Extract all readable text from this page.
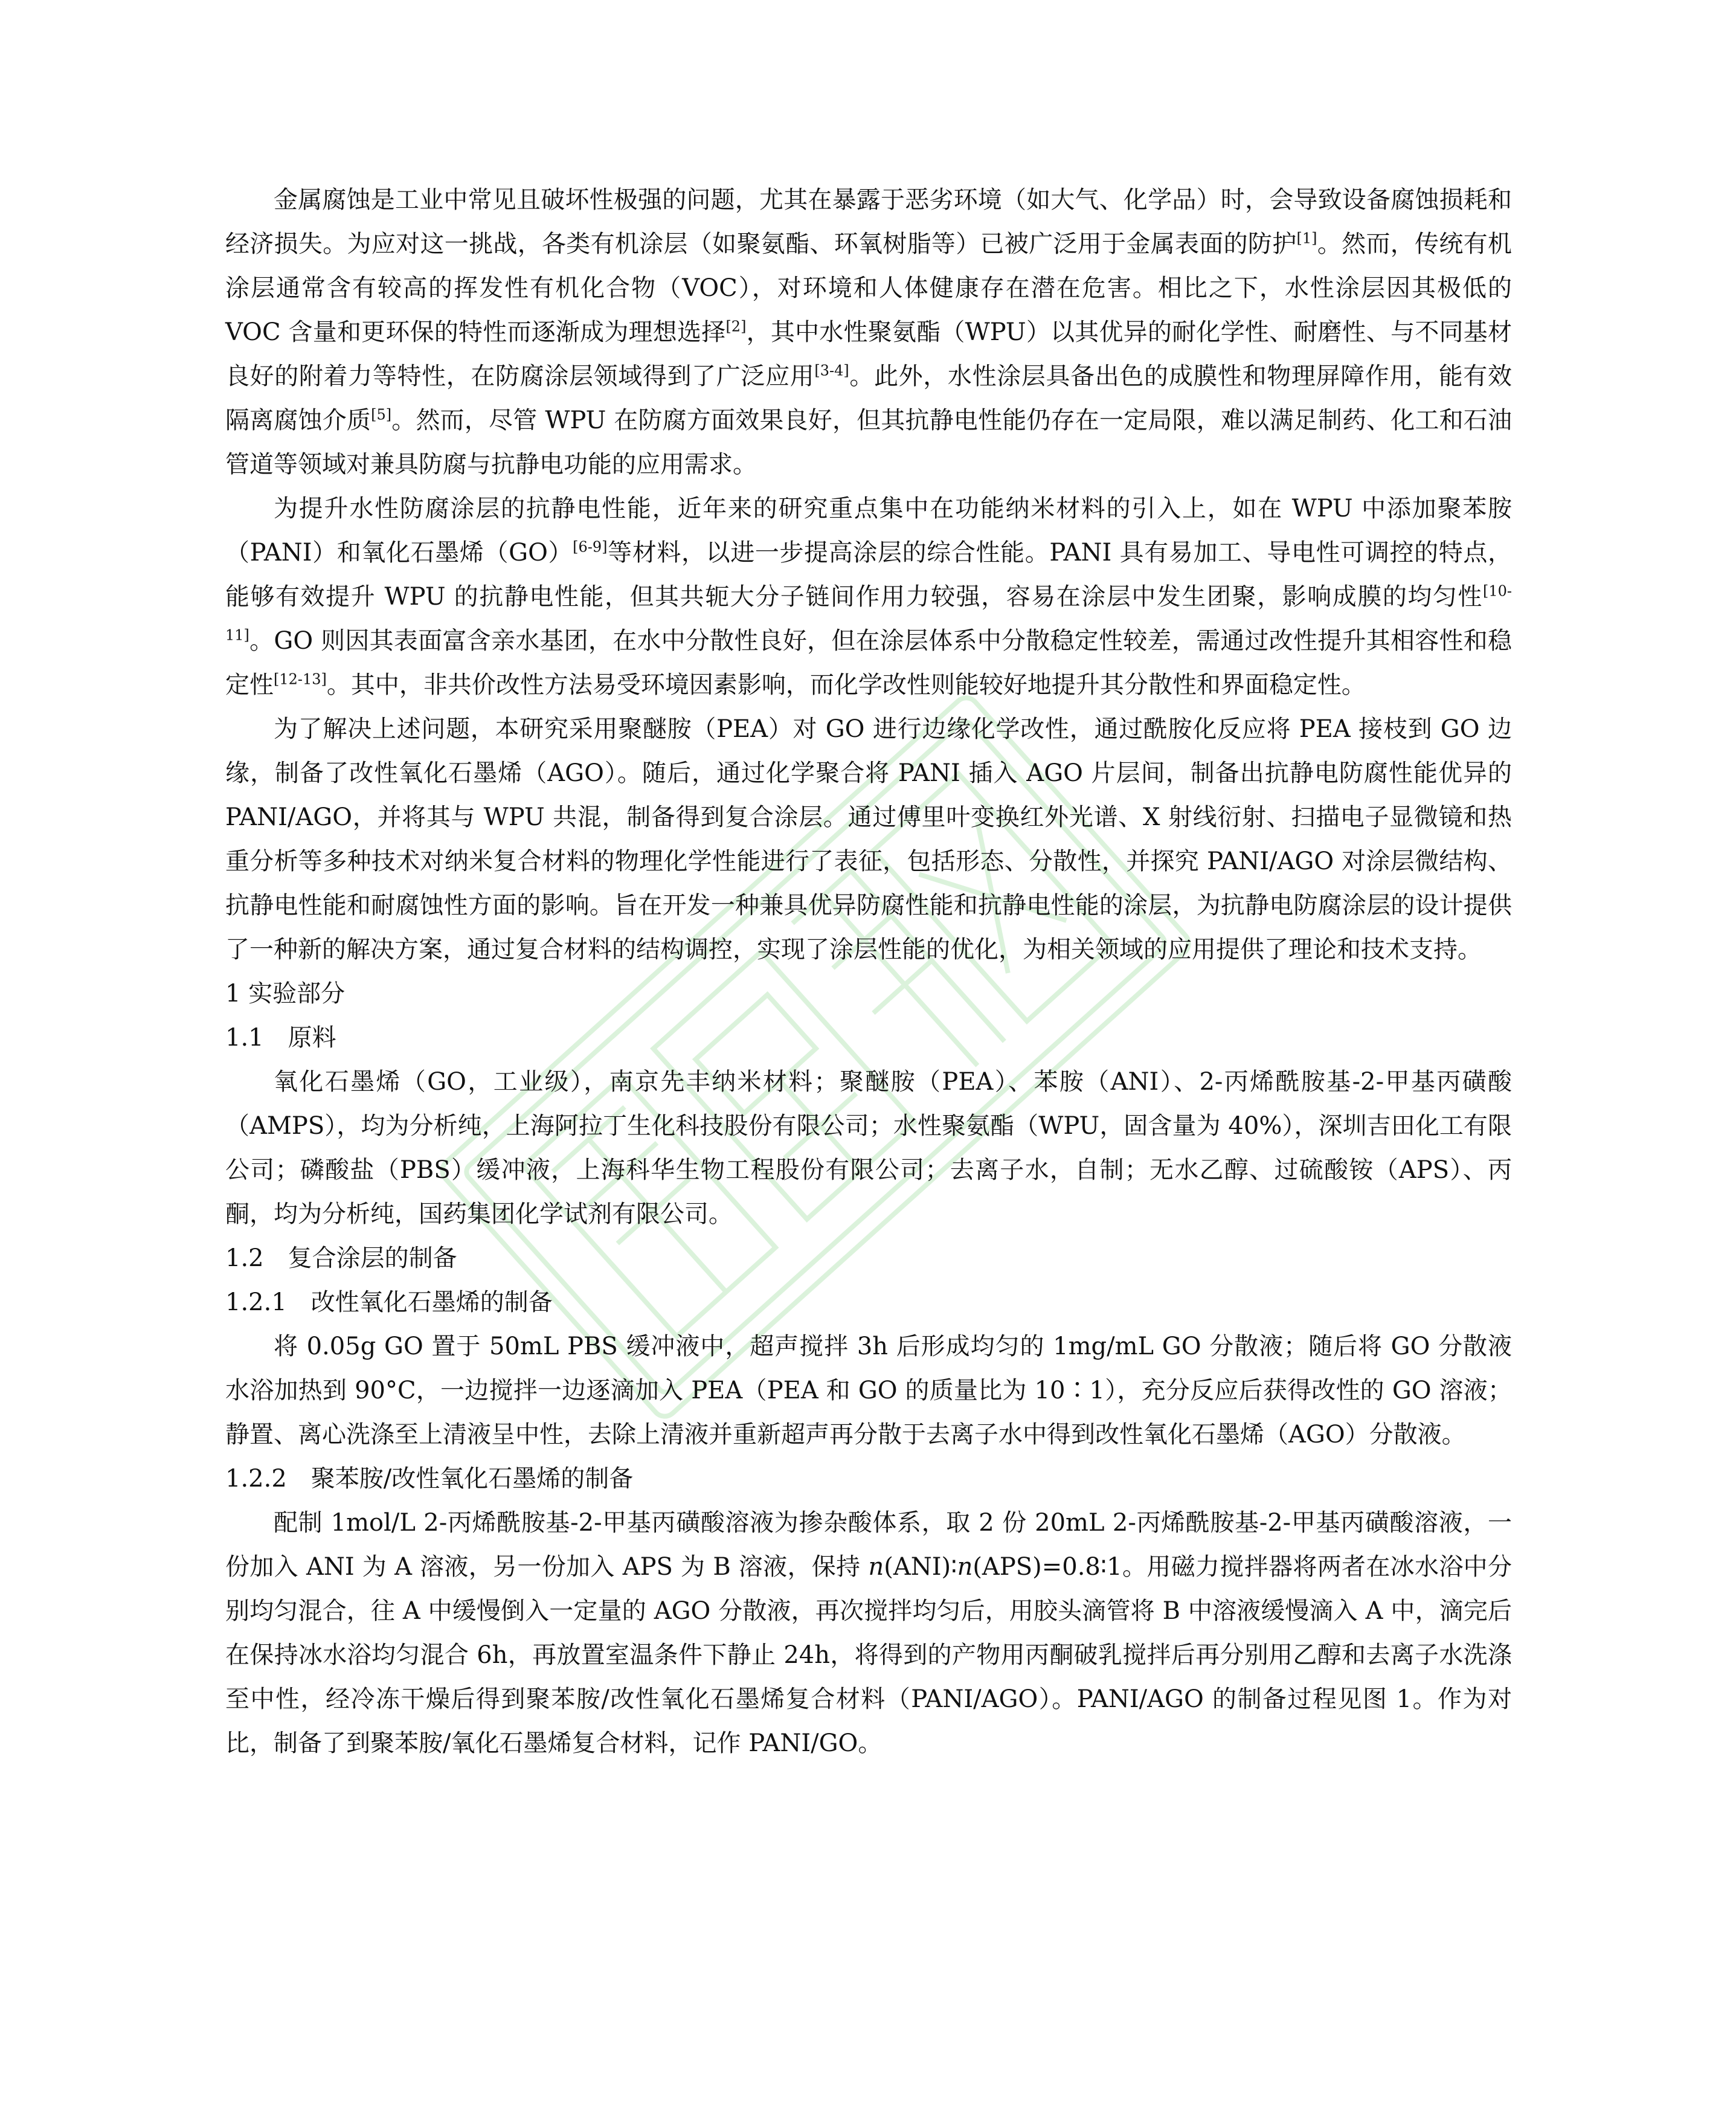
金属腐蚀是工业中常见且破坏性极强的问题，尤其在暴露于恶劣环境（如大气、化学品）时，会导致设备腐蚀损耗和经济损失。为应对这一挑战，各类有机涂层（如聚氨酯、环氧树脂等）已被广泛用于金属表面的防护[1]。然而，传统有机涂层通常含有较高的挥发性有机化合物（VOC），对环境和人体健康存在潜在危害。相比之下，水性涂层因其极低的 VOC 含量和更环保的特性而逐渐成为理想选择[2]，其中水性聚氨酯（WPU）以其优异的耐化学性、耐磨性、与不同基材良好的附着力等特性，在防腐涂层领域得到了广泛应用[3-4]。此外，水性涂层具备出色的成膜性和物理屏障作用，能有效隔离腐蚀介质[5]。然而，尽管 WPU 在防腐方面效果良好，但其抗静电性能仍存在一定局限，难以满足制药、化工和石油管道等领域对兼具防腐与抗静电功能的应用需求。

为提升水性防腐涂层的抗静电性能，近年来的研究重点集中在功能纳米材料的引入上，如在 WPU 中添加聚苯胺（PANI）和氧化石墨烯（GO）[6-9]等材料，以进一步提高涂层的综合性能。PANI 具有易加工、导电性可调控的特点，能够有效提升 WPU 的抗静电性能，但其共轭大分子链间作用力较强，容易在涂层中发生团聚，影响成膜的均匀性[10-11]。GO 则因其表面富含亲水基团，在水中分散性良好，但在涂层体系中分散稳定性较差，需通过改性提升其相容性和稳定性[12-13]。其中，非共价改性方法易受环境因素影响，而化学改性则能较好地提升其分散性和界面稳定性。

为了解决上述问题，本研究采用聚醚胺（PEA）对 GO 进行边缘化学改性，通过酰胺化反应将 PEA 接枝到 GO 边缘，制备了改性氧化石墨烯（AGO）。随后，通过化学聚合将 PANI 插入 AGO 片层间，制备出抗静电防腐性能优异的 PANI/AGO，并将其与 WPU 共混，制备得到复合涂层。通过傅里叶变换红外光谱、X 射线衍射、扫描电子显微镜和热重分析等多种技术对纳米复合材料的物理化学性能进行了表征，包括形态、分散性，并探究 PANI/AGO 对涂层微结构、抗静电性能和耐腐蚀性方面的影响。旨在开发一种兼具优异防腐性能和抗静电性能的涂层，为抗静电防腐涂层的设计提供了一种新的解决方案，通过复合材料的结构调控，实现了涂层性能的优化，为相关领域的应用提供了理论和技术支持。

1 实验部分

1.1　原料

氧化石墨烯（GO，工业级），南京先丰纳米材料；聚醚胺（PEA）、苯胺（ANI）、2-丙烯酰胺基-2-甲基丙磺酸（AMPS），均为分析纯，上海阿拉丁生化科技股份有限公司；水性聚氨酯（WPU，固含量为 40%），深圳吉田化工有限公司；磷酸盐（PBS）缓冲液，上海科华生物工程股份有限公司；去离子水，自制；无水乙醇、过硫酸铵（APS）、丙酮，均为分析纯，国药集团化学试剂有限公司。

1.2　复合涂层的制备

1.2.1　改性氧化石墨烯的制备

将 0.05g GO 置于 50mL PBS 缓冲液中，超声搅拌 3h 后形成均匀的 1mg/mL GO 分散液；随后将 GO 分散液水浴加热到 90°C，一边搅拌一边逐滴加入 PEA（PEA 和 GO 的质量比为 10∶1），充分反应后获得改性的 GO 溶液；静置、离心洗涤至上清液呈中性，去除上清液并重新超声再分散于去离子水中得到改性氧化石墨烯（AGO）分散液。

1.2.2　聚苯胺/改性氧化石墨烯的制备

配制 1mol/L 2-丙烯酰胺基-2-甲基丙磺酸溶液为掺杂酸体系，取 2 份 20mL 2-丙烯酰胺基-2-甲基丙磺酸溶液，一份加入 ANI 为 A 溶液，另一份加入 APS 为 B 溶液，保持 n(ANI)∶n(APS)=0.8∶1。用磁力搅拌器将两者在冰水浴中分别均匀混合，往 A 中缓慢倒入一定量的 AGO 分散液，再次搅拌均匀后，用胶头滴管将 B 中溶液缓慢滴入 A 中，滴完后在保持冰水浴均匀混合 6h，再放置室温条件下静止 24h，将得到的产物用丙酮破乳搅拌后再分别用乙醇和去离子水洗涤至中性，经冷冻干燥后得到聚苯胺/改性氧化石墨烯复合材料（PANI/AGO）。PANI/AGO 的制备过程见图 1。作为对比，制备了到聚苯胺/氧化石墨烯复合材料，记作 PANI/GO。
